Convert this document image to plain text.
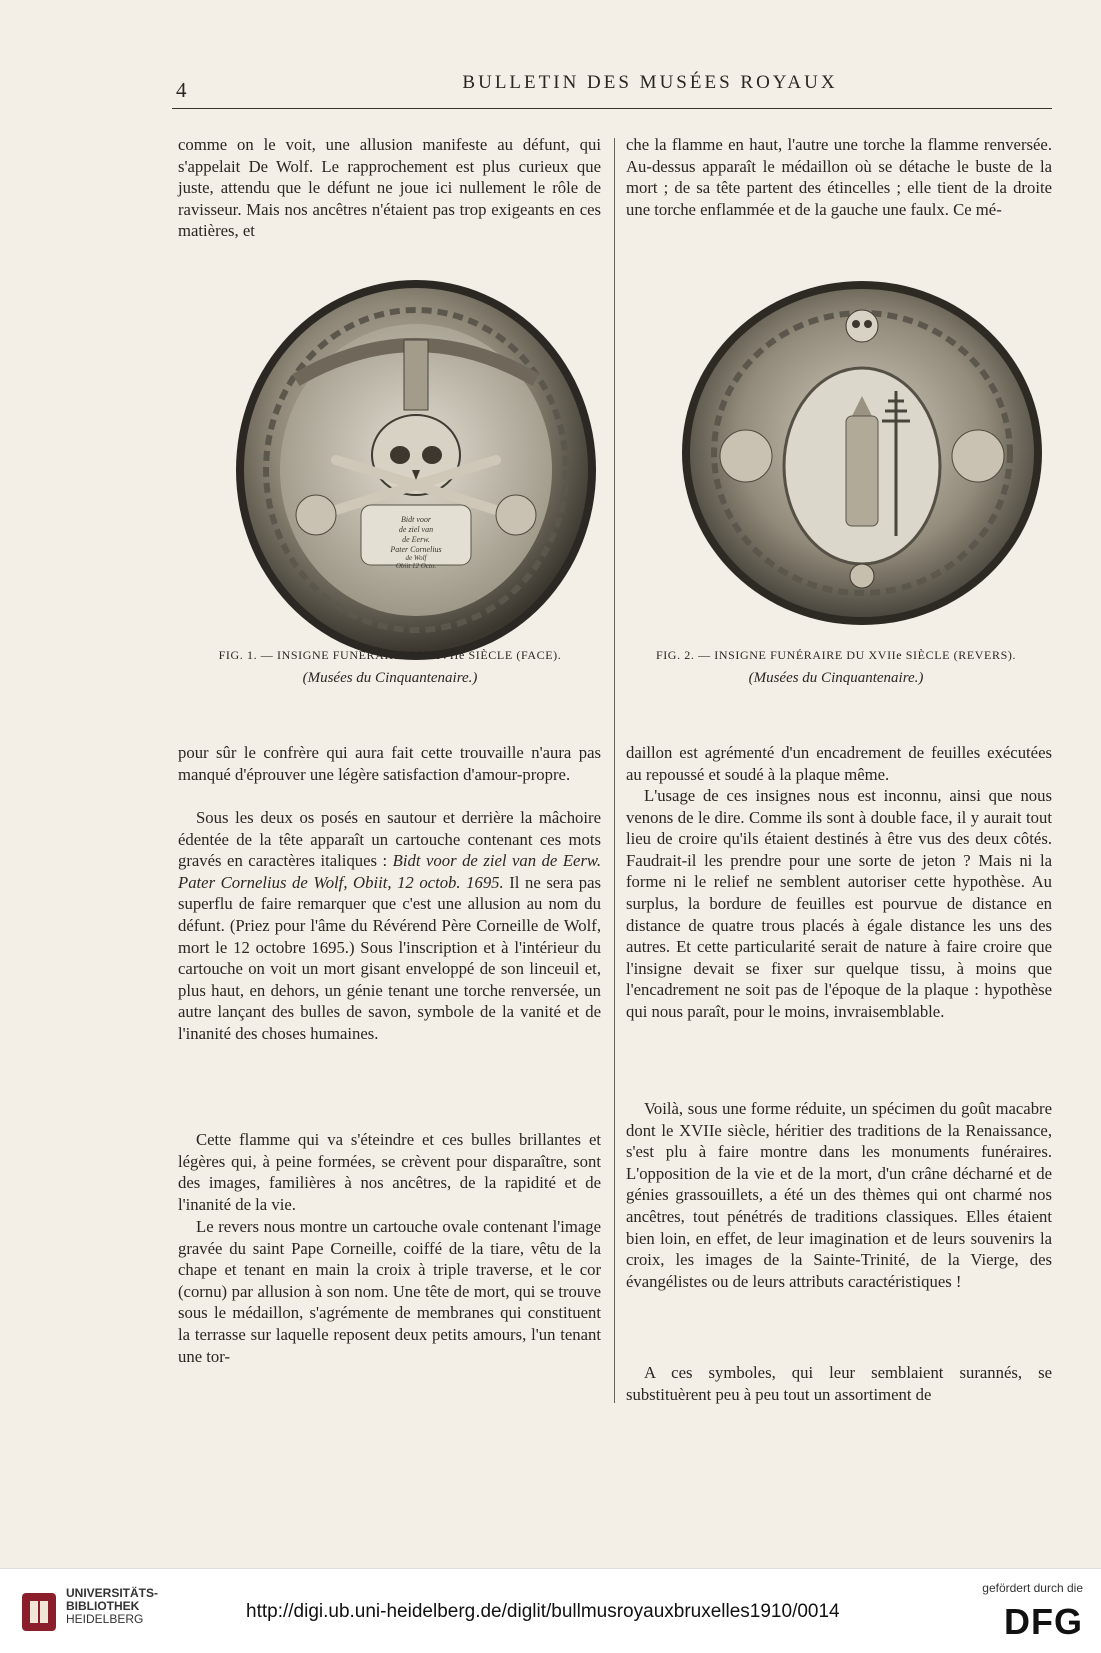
4	BULLETIN DES MUSÉES ROYAUX

comme on le voit, une allusion manifeste au défunt, qui s'appelait De Wolf. Le rapprochement est plus curieux que juste, attendu que le défunt ne joue ici nullement le rôle de ravisseur. Mais nos ancêtres n'étaient pas trop exigeants en ces matières, et

che la flamme en haut, l'autre une torche la flamme renversée. Au-dessus apparaît le médaillon où se détache le buste de la mort ; de sa tête partent des étincelles ; elle tient de la droite une torche enflammée et de la gauche une faulx. Ce mé-

Bidt voor
de ziel van
de Eerw.
Pater Cornelius
de Wolf
Obiit 12 Octo.
FIG. 1. — INSIGNE FUNÉRAIRE DU XVIIe SIÈCLE (FACE).
(Musées du Cinquantenaire.)
FIG. 2. — INSIGNE FUNÉRAIRE DU XVIIe SIÈCLE (REVERS).
(Musées du Cinquantenaire.)

pour sûr le confrère qui aura fait cette trouvaille n'aura pas manqué d'éprouver une légère satisfaction d'amour-propre.

Sous les deux os posés en sautour et derrière la mâchoire édentée de la tête apparaît un cartouche contenant ces mots gravés en caractères italiques : Bidt voor de ziel van de Eerw. Pater Cornelius de Wolf, Obiit, 12 octob. 1695. Il ne sera pas superflu de faire remarquer que c'est une allusion au nom du défunt. (Priez pour l'âme du Révérend Père Corneille de Wolf, mort le 12 octobre 1695.) Sous l'inscription et à l'intérieur du cartouche on voit un mort gisant enveloppé de son linceuil et, plus haut, en dehors, un génie tenant une torche renversée, un autre lançant des bulles de savon, symbole de la vanité et de l'inanité des choses humaines.

Cette flamme qui va s'éteindre et ces bulles brillantes et légères qui, à peine formées, se crèvent pour disparaître, sont des images, familières à nos ancêtres, de la rapidité et de l'inanité de la vie.

Le revers nous montre un cartouche ovale contenant l'image gravée du saint Pape Corneille, coiffé de la tiare, vêtu de la chape et tenant en main la croix à triple traverse, et le cor (cornu) par allusion à son nom. Une tête de mort, qui se trouve sous le médaillon, s'agrémente de membranes qui constituent la terrasse sur laquelle reposent deux petits amours, l'un tenant une tor-

daillon est agrémenté d'un encadrement de feuilles exécutées au repoussé et soudé à la plaque même.

L'usage de ces insignes nous est inconnu, ainsi que nous venons de le dire. Comme ils sont à double face, il y aurait tout lieu de croire qu'ils étaient destinés à être vus des deux côtés. Faudrait-il les prendre pour une sorte de jeton ? Mais ni la forme ni le relief ne semblent autoriser cette hypothèse. Au surplus, la bordure de feuilles est pourvue de distance en distance de quatre trous placés à égale distance les uns des autres. Et cette particularité serait de nature à faire croire que l'insigne devait se fixer sur quelque tissu, à moins que l'encadrement ne soit pas de l'époque de la plaque : hypothèse qui nous paraît, pour le moins, invraisemblable.

Voilà, sous une forme réduite, un spécimen du goût macabre dont le XVIIe siècle, héritier des traditions de la Renaissance, s'est plu à faire montre dans les monuments funéraires. L'opposition de la vie et de la mort, d'un crâne décharné et de génies grassouillets, a été un des thèmes qui ont charmé nos ancêtres, tout pénétrés de traditions classiques. Elles étaient bien loin, en effet, de leur imagination et de leurs souvenirs la croix, les images de la Sainte-Trinité, de la Vierge, des évangélistes ou de leurs attributs caractéristiques !

A ces symboles, qui leur semblaient surannés, se substituèrent peu à peu tout un assortiment de

UNIVERSITÄTS-
BIBLIOTHEK
HEIDELBERG	http://digi.ub.uni-heidelberg.de/diglit/bullmusroyauxbruxelles1910/0014
gefördert durch die
DFG
